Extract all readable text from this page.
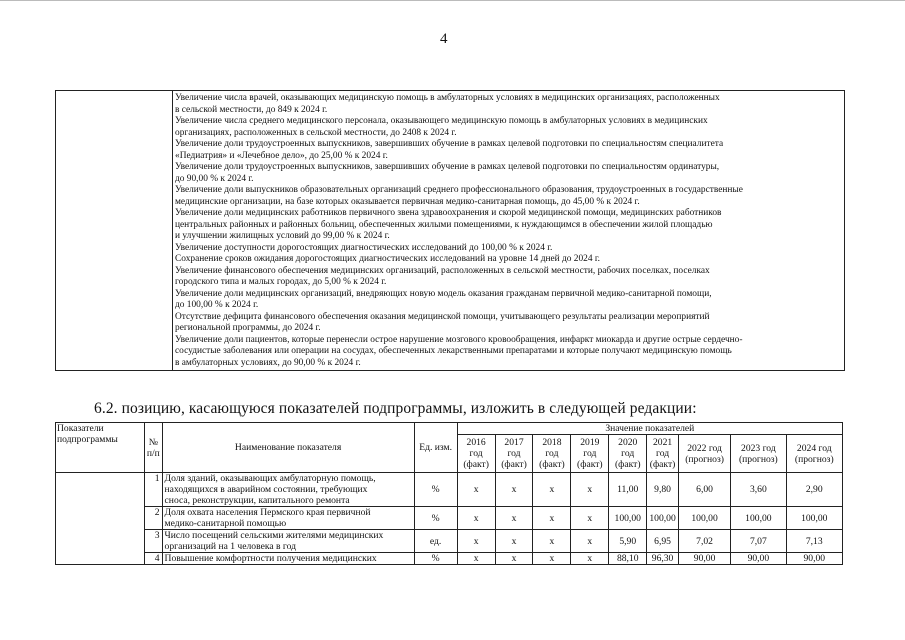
4

Увеличение числа врачей, оказывающих медицинскую помощь в амбулаторных условиях в медицинских организациях, расположенных
в сельской местности, до 849 к 2024 г.
Увеличение числа среднего медицинского персонала, оказывающего медицинскую помощь в амбулаторных условиях в медицинских
организациях, расположенных в сельской местности, до 2408 к 2024 г.
Увеличение доли трудоустроенных выпускников, завершивших обучение в рамках целевой подготовки по специальностям специалитета
«Педиатрия» и «Лечебное дело», до 25,00 % к 2024 г.
Увеличение доли трудоустроенных выпускников, завершивших обучение в рамках целевой подготовки по специальностям ординатуры,
до 90,00 % к 2024 г.
Увеличение доли выпускников образовательных организаций среднего профессионального образования, трудоустроенных в государственные
медицинские организации, на базе которых оказывается первичная медико-санитарная помощь, до 45,00 % к 2024 г.
Увеличение доли медицинских работников первичного звена здравоохранения и скорой медицинской помощи, медицинских работников
центральных районных и районных больниц, обеспеченных жилыми помещениями, к нуждающимся в обеспечении жилой площадью
и улучшении жилищных условий до 99,00 % к 2024 г.
Увеличение доступности дорогостоящих диагностических исследований до 100,00 % к 2024 г.
Сохранение сроков ожидания дорогостоящих диагностических исследований на уровне 14 дней до 2024 г.
Увеличение финансового обеспечения медицинских организаций, расположенных в сельской местности, рабочих поселках, поселках
городского типа и малых городах, до 5,00 % к 2024 г.
Увеличение доли медицинских организаций, внедряющих новую модель оказания гражданам первичной медико-санитарной помощи,
до 100,00 % к 2024 г.
Отсутствие дефицита финансового обеспечения оказания медицинской помощи, учитывающего результаты реализации мероприятий
региональной программы, до 2024 г.
Увеличение доли пациентов, которые перенесли острое нарушение мозгового кровообращения, инфаркт миокарда и другие острые сердечно-
сосудистые заболевания или операции на сосудах, обеспеченных лекарственными препаратами и которые получают медицинскую помощь
в амбулаторных условиях, до 90,00 % к 2024 г.
6.2. позицию, касающуюся показателей подпрограммы, изложить в следующей редакции:
Показатели
подпрограммы	№
п/п	Наименование показателя	Ед. изм.	Значение показателей								
				2016
год
(факт)	2017
год
(факт)	2018
год
(факт)	2019
год
(факт)	2020
год
(факт)	2021
год
(факт)	2022 год
(прогноз)	2023 год
(прогноз)	2024 год
(прогноз)
	1	Доля зданий, оказывающих амбулаторную помощь,
находящихся в аварийном состоянии, требующих
сноса, реконструкции, капитального ремонта	%	х	х	х	х	11,00	9,80	6,00	3,60	2,90
	2	Доля охвата населения Пермского края первичной
медико-санитарной помощью	%	х	х	х	х	100,00	100,00	100,00	100,00	100,00
	3	Число посещений сельскими жителями медицинских
организаций на 1 человека в год	ед.	х	х	х	х	5,90	6,95	7,02	7,07	7,13
	4	Повышение комфортности получения медицинских	%	х	х	х	х	88,10	96,30	90,00	90,00	90,00
